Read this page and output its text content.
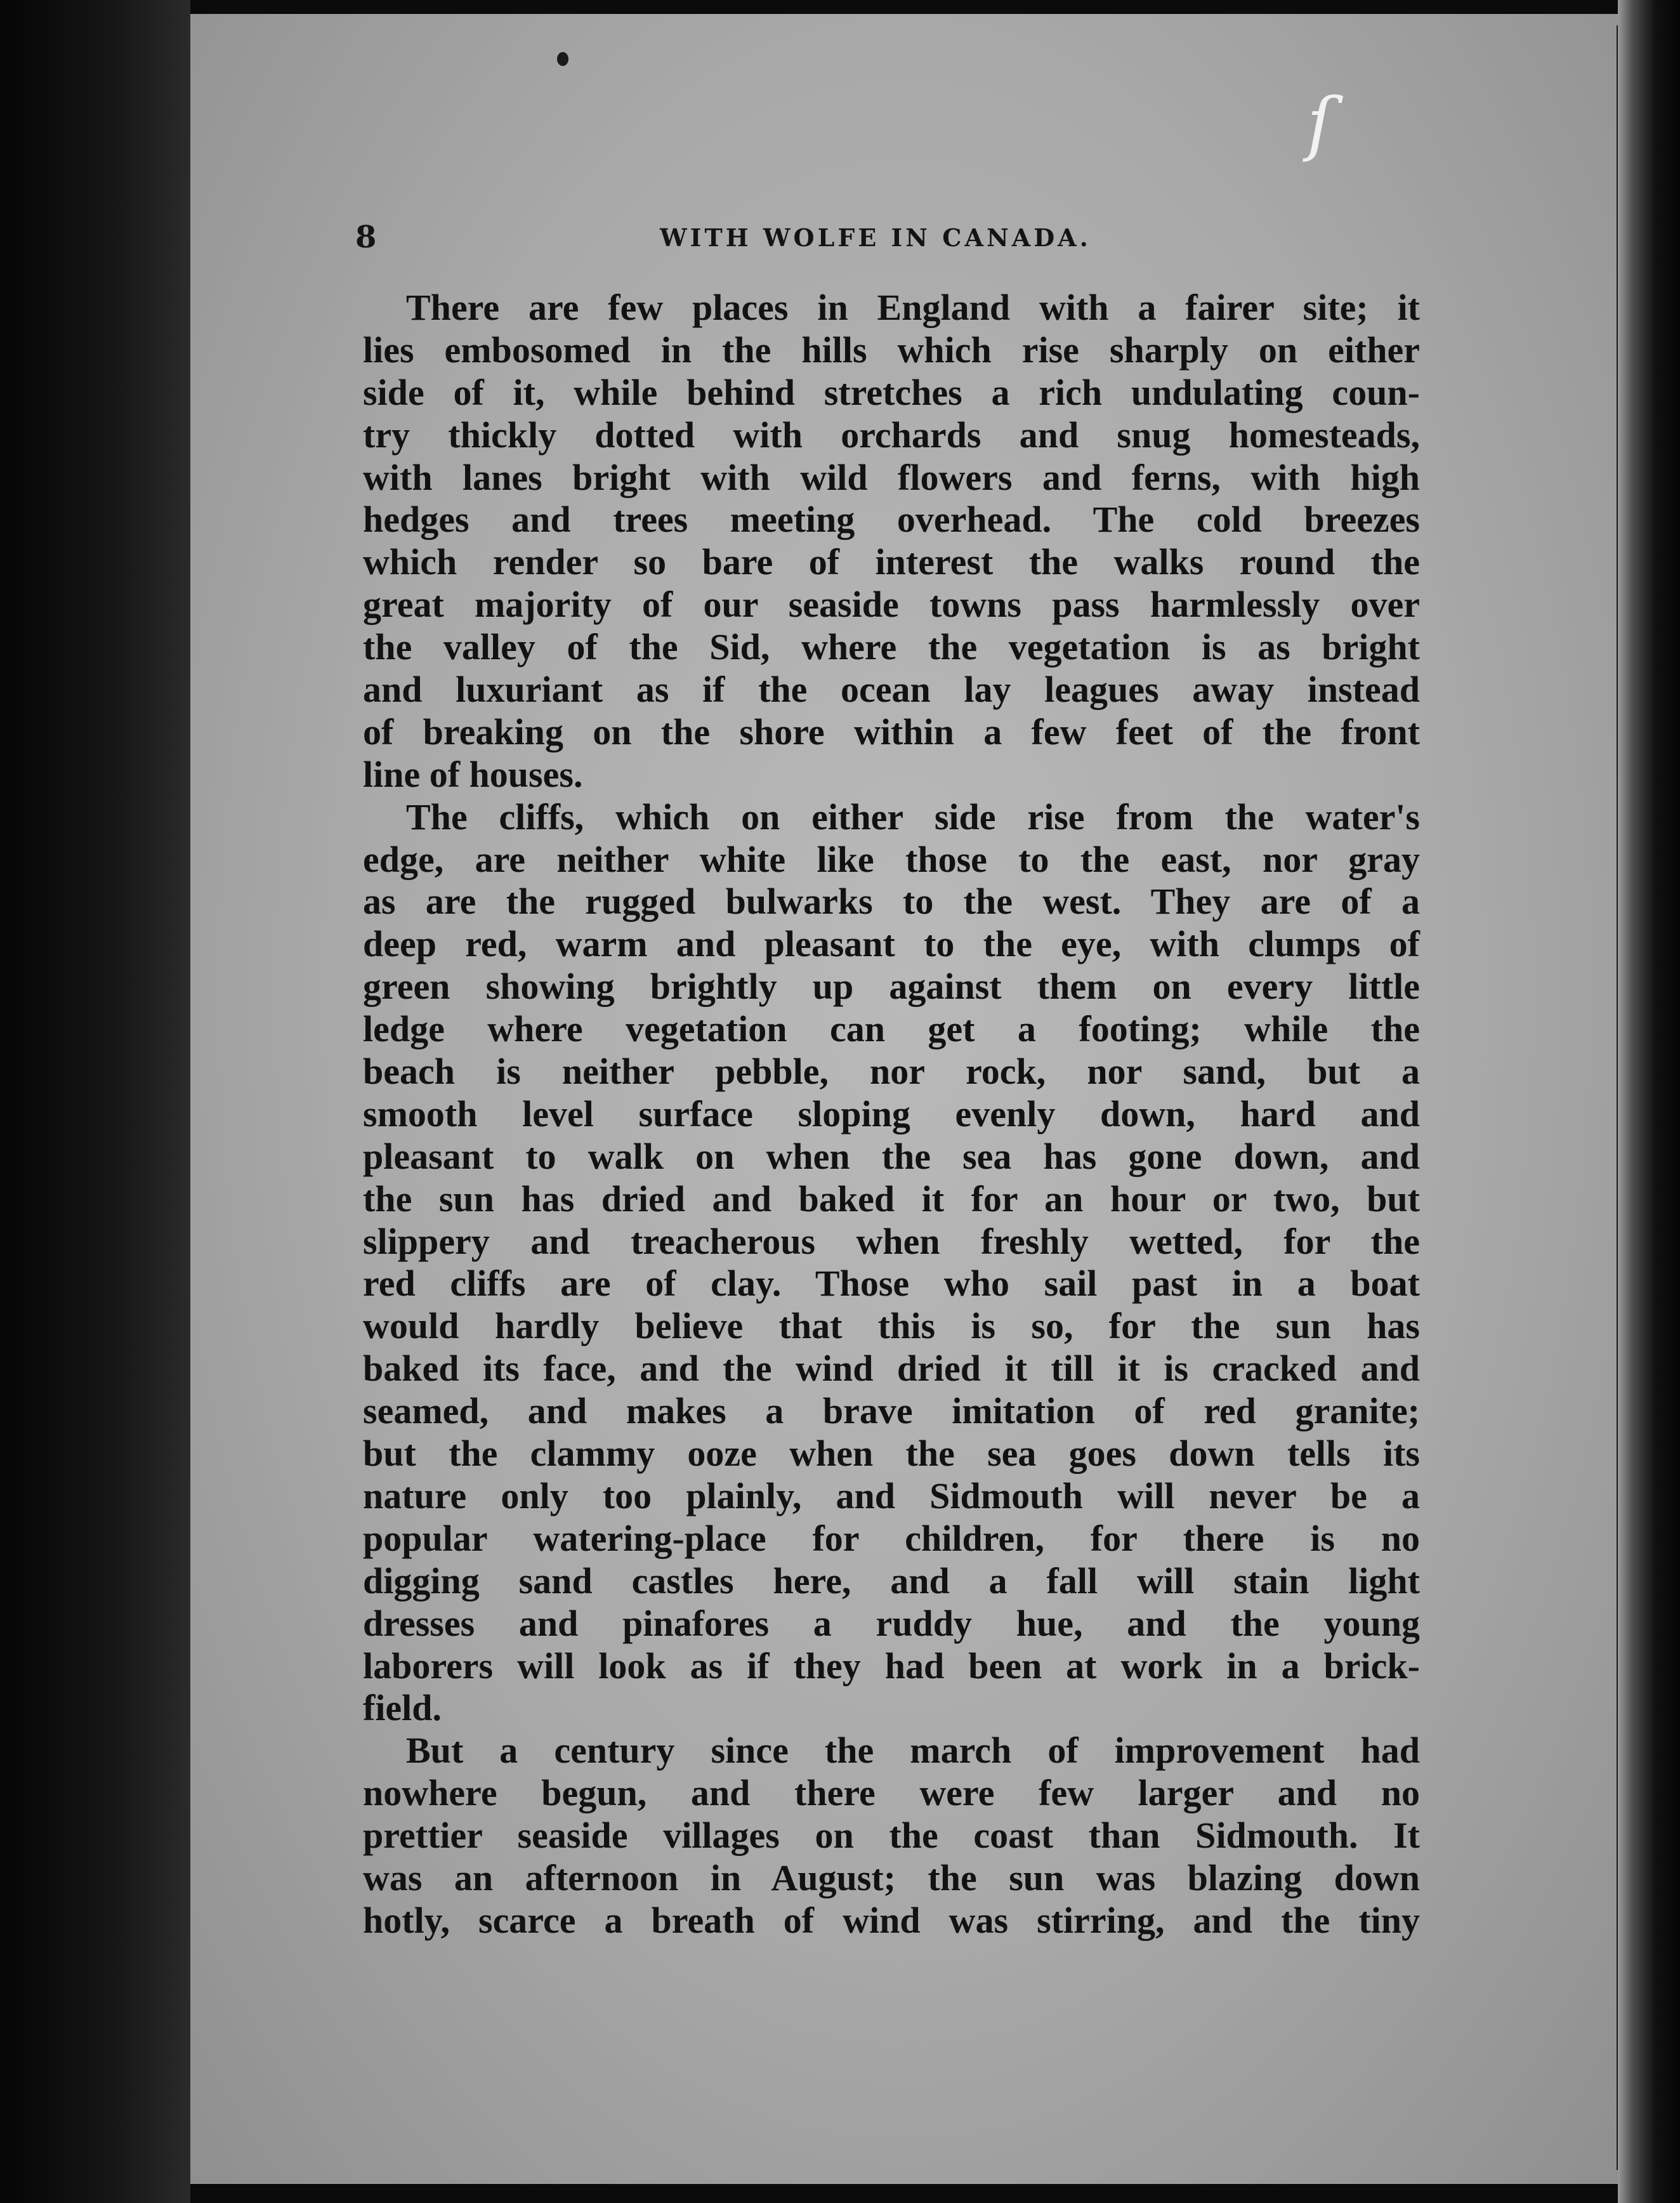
ſ
8	WITH WOLFE IN CANADA.
There are few places in England with a fairer site; it
lies embosomed in the hills which rise sharply on either
side of it, while behind stretches a rich undulating coun-
try thickly dotted with orchards and snug homesteads,
with lanes bright with wild flowers and ferns, with high
hedges and trees meeting overhead. The cold breezes
which render so bare of interest the walks round the
great majority of our seaside towns pass harmlessly over
the valley of the Sid, where the vegetation is as bright
and luxuriant as if the ocean lay leagues away instead
of breaking on the shore within a few feet of the front
line of houses.
The cliffs, which on either side rise from the water's
edge, are neither white like those to the east, nor gray
as are the rugged bulwarks to the west. They are of a
deep red, warm and pleasant to the eye, with clumps of
green showing brightly up against them on every little
ledge where vegetation can get a footing; while the
beach is neither pebble, nor rock, nor sand, but a
smooth level surface sloping evenly down, hard and
pleasant to walk on when the sea has gone down, and
the sun has dried and baked it for an hour or two, but
slippery and treacherous when freshly wetted, for the
red cliffs are of clay. Those who sail past in a boat
would hardly believe that this is so, for the sun has
baked its face, and the wind dried it till it is cracked and
seamed, and makes a brave imitation of red granite;
but the clammy ooze when the sea goes down tells its
nature only too plainly, and Sidmouth will never be a
popular watering-place for children, for there is no
digging sand castles here, and a fall will stain light
dresses and pinafores a ruddy hue, and the young
laborers will look as if they had been at work in a brick-
field.
But a century since the march of improvement had
nowhere begun, and there were few larger and no
prettier seaside villages on the coast than Sidmouth. It
was an afternoon in August; the sun was blazing down
hotly, scarce a breath of wind was stirring, and the tiny
